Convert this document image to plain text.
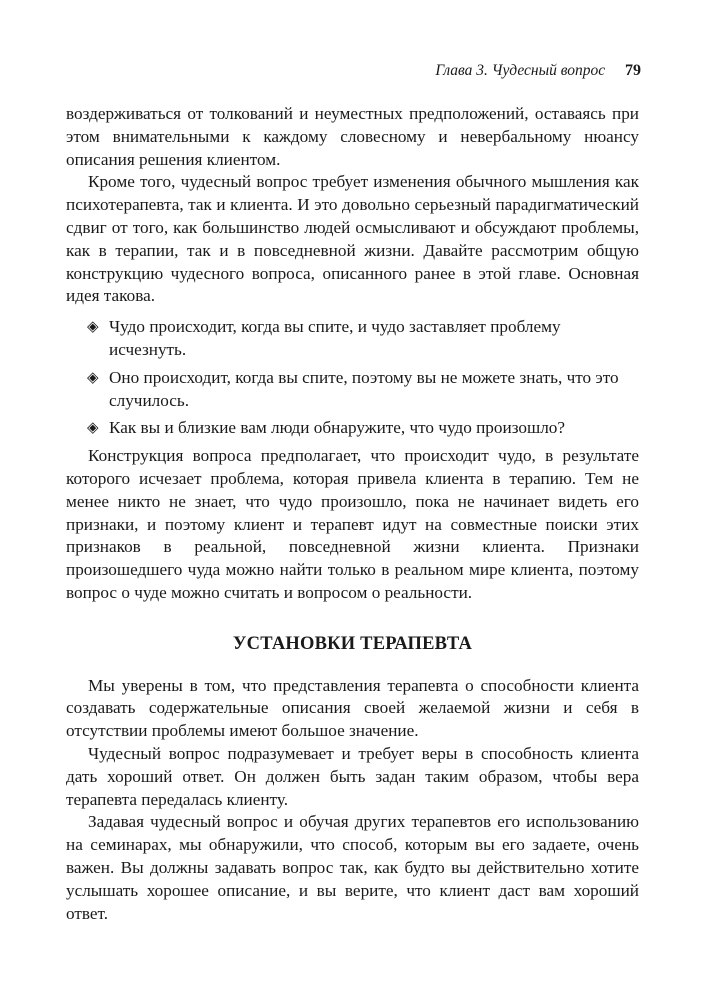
Глава 3. Чудесный вопрос 79

воздерживаться от толкований и неуместных предположений, оставаясь при этом внимательными к каждому словесному и невербальному нюансу описания решения клиентом.

Кроме того, чудесный вопрос требует изменения обычного мышления как психотерапевта, так и клиента. И это довольно серьезный парадигматический сдвиг от того, как большинство людей осмысливают и обсуждают проблемы, как в терапии, так и в повседневной жизни. Давайте рассмотрим общую конструкцию чудесного вопроса, описанного ранее в этой главе. Основная идея такова.

◈ Чудо происходит, когда вы спите, и чудо заставляет проблему исчезнуть.
◈ Оно происходит, когда вы спите, поэтому вы не можете знать, что это случилось.
◈ Как вы и близкие вам люди обнаружите, что чудо произошло?

Конструкция вопроса предполагает, что происходит чудо, в результате которого исчезает проблема, которая привела клиента в терапию. Тем не менее никто не знает, что чудо произошло, пока не начинает видеть его признаки, и поэтому клиент и терапевт идут на совместные поиски этих признаков в реальной, повседневной жизни клиента. Признаки произошедшего чуда можно найти только в реальном мире клиента, поэтому вопрос о чуде можно считать и вопросом о реальности.

УСТАНОВКИ ТЕРАПЕВТА

Мы уверены в том, что представления терапевта о способности клиента создавать содержательные описания своей желаемой жизни и себя в отсутствии проблемы имеют большое значение.

Чудесный вопрос подразумевает и требует веры в способность клиента дать хороший ответ. Он должен быть задан таким образом, чтобы вера терапевта передалась клиенту.

Задавая чудесный вопрос и обучая других терапевтов его использованию на семинарах, мы обнаружили, что способ, которым вы его задаете, очень важен. Вы должны задавать вопрос так, как будто вы действительно хотите услышать хорошее описание, и вы верите, что клиент даст вам хороший ответ.
